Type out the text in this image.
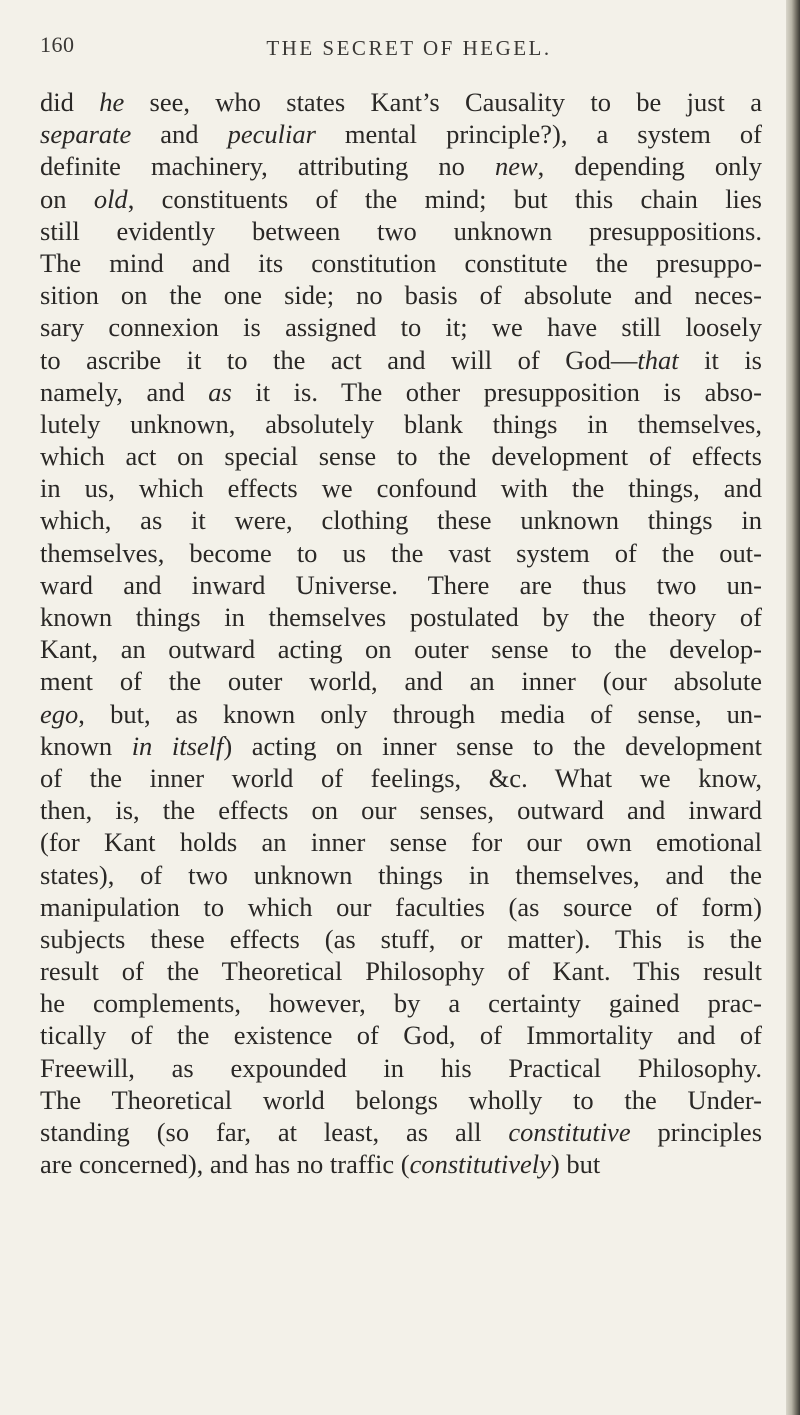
160	THE SECRET OF HEGEL.
did he see, who states Kant’s Causality to be just a
separate and peculiar mental principle?), a system of
definite machinery, attributing no new, depending only
on old, constituents of the mind; but this chain lies
still evidently between two unknown presuppositions.
The mind and its constitution constitute the presuppo-
sition on the one side; no basis of absolute and neces-
sary connexion is assigned to it; we have still loosely
to ascribe it to the act and will of God—that it is
namely, and as it is. The other presupposition is abso-
lutely unknown, absolutely blank things in themselves,
which act on special sense to the development of effects
in us, which effects we confound with the things, and
which, as it were, clothing these unknown things in
themselves, become to us the vast system of the out-
ward and inward Universe. There are thus two un-
known things in themselves postulated by the theory of
Kant, an outward acting on outer sense to the develop-
ment of the outer world, and an inner (our absolute
ego, but, as known only through media of sense, un-
known in itself) acting on inner sense to the development
of the inner world of feelings, &c. What we know,
then, is, the effects on our senses, outward and inward
(for Kant holds an inner sense for our own emotional
states), of two unknown things in themselves, and the
manipulation to which our faculties (as source of form)
subjects these effects (as stuff, or matter). This is the
result of the Theoretical Philosophy of Kant. This result
he complements, however, by a certainty gained prac-
tically of the existence of God, of Immortality and of
Freewill, as expounded in his Practical Philosophy.
The Theoretical world belongs wholly to the Under-
standing (so far, at least, as all constitutive principles
are concerned), and has no traffic (constitutively) but
